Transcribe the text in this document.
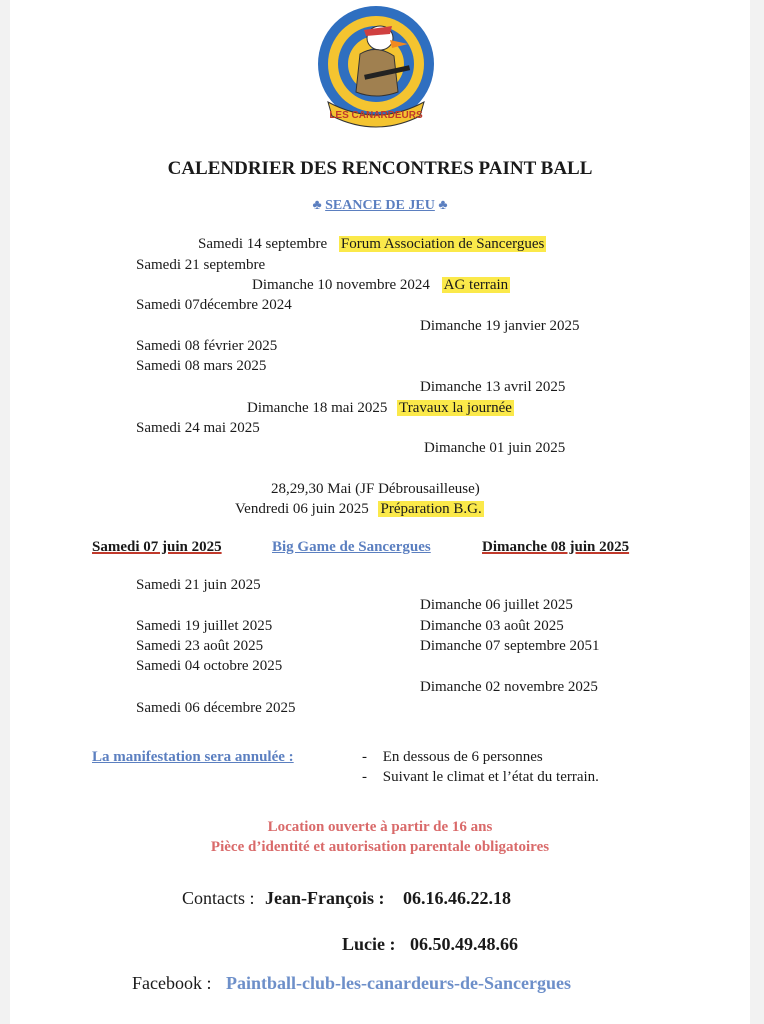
LES CANARDEURS
CALENDRIER DES RENCONTRES PAINT BALL
♣ SEANCE DE JEU ♣
Samedi 14 septembre Forum Association de Sancergues
Samedi 21 septembre
Dimanche 10 novembre 2024 AG terrain
Samedi 07décembre 2024
Dimanche 19 janvier 2025
Samedi 08 février 2025
Samedi 08 mars 2025
Dimanche 13 avril 2025
Dimanche 18 mai 2025 Travaux la journée
Samedi 24 mai 2025
Dimanche 01 juin 2025
28,29,30 Mai (JF Débrousailleuse)
Vendredi 06 juin 2025 Préparation B.G.
Samedi 07 juin 2025	Big Game de Sancergues	Dimanche 08 juin 2025
Samedi 21 juin 2025
Dimanche 06 juillet 2025
Samedi 19 juillet 2025	Dimanche 03 août 2025
Samedi 23 août 2025	Dimanche 07 septembre 2051
Samedi 04 octobre 2025
Dimanche 02 novembre 2025
Samedi 06 décembre 2025
La manifestation sera annulée :	- En dessous de 6 personnes
- Suivant le climat et l’état du terrain.
Location ouverte à partir de 16 ans
Pièce d’identité et autorisation parentale obligatoires
Contacts : Jean-François : 06.16.46.22.18
Lucie : 06.50.49.48.66
Facebook : Paintball-club-les-canardeurs-de-Sancergues
